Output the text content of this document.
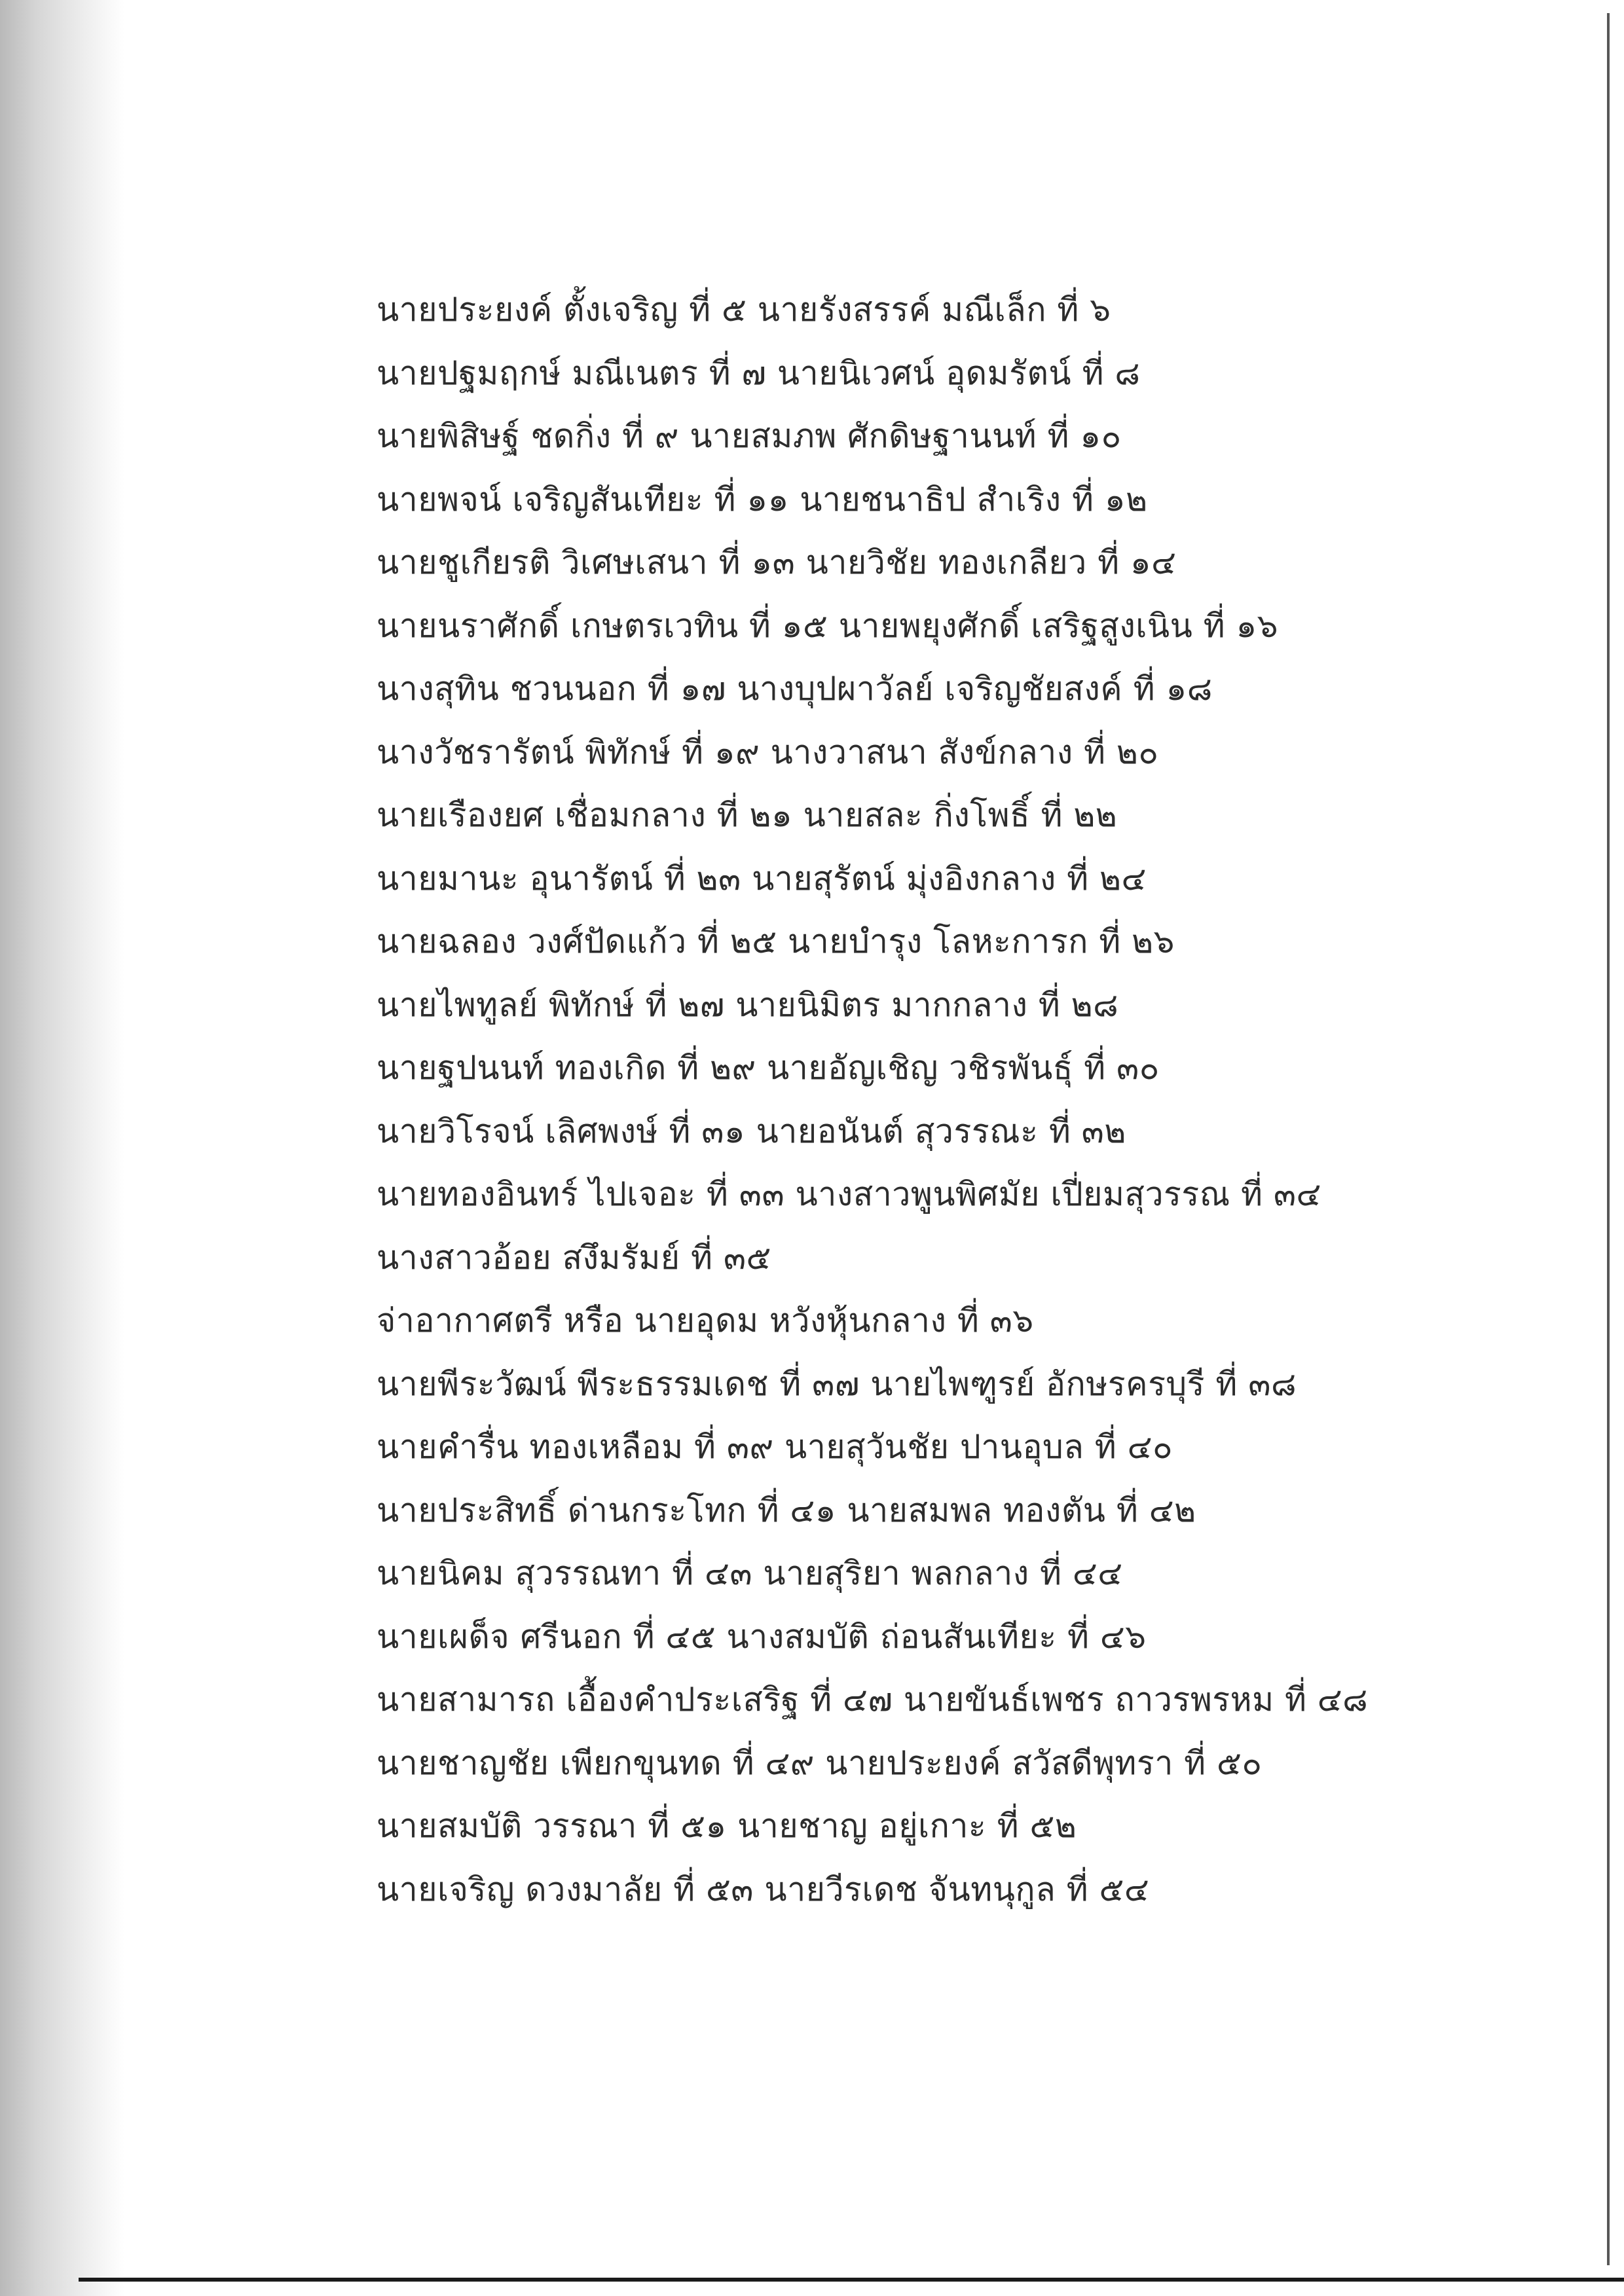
นายประยงค์ ตั้งเจริญ ที่ ๕ นายรังสรรค์ มณีเล็ก ที่ ๖
นายปฐมฤกษ์ มณีเนตร ที่ ๗ นายนิเวศน์ อุดมรัตน์ ที่ ๘
นายพิสิษฐ์ ชดกิ่ง ที่ ๙ นายสมภพ ศักดิษฐานนท์ ที่ ๑๐
นายพจน์ เจริญสันเทียะ ที่ ๑๑ นายชนาธิป สำเริง ที่ ๑๒
นายชูเกียรติ วิเศษเสนา ที่ ๑๓ นายวิชัย ทองเกลียว ที่ ๑๔
นายนราศักดิ์ เกษตรเวทิน ที่ ๑๕ นายพยุงศักดิ์ เสริฐสูงเนิน ที่ ๑๖
นางสุทิน ชวนนอก ที่ ๑๗ นางบุปผาวัลย์ เจริญชัยสงค์ ที่ ๑๘
นางวัชรารัตน์ พิทักษ์ ที่ ๑๙ นางวาสนา สังข์กลาง ที่ ๒๐
นายเรืองยศ เชื่อมกลาง ที่ ๒๑ นายสละ กิ่งโพธิ์ ที่ ๒๒
นายมานะ อุนารัตน์ ที่ ๒๓ นายสุรัตน์ มุ่งอิงกลาง ที่ ๒๔
นายฉลอง วงศ์ปัดแก้ว ที่ ๒๕ นายบำรุง โลหะการก ที่ ๒๖
นายไพทูลย์ พิทักษ์ ที่ ๒๗ นายนิมิตร มากกลาง ที่ ๒๘
นายฐปนนท์ ทองเกิด ที่ ๒๙ นายอัญเชิญ วชิรพันธุ์ ที่ ๓๐
นายวิโรจน์ เลิศพงษ์ ที่ ๓๑ นายอนันต์ สุวรรณะ ที่ ๓๒
นายทองอินทร์ ไปเจอะ ที่ ๓๓ นางสาวพูนพิศมัย เปี่ยมสุวรรณ ที่ ๓๔
นางสาวอ้อย สงึมรัมย์ ที่ ๓๕
จ่าอากาศตรี หรือ นายอุดม หวังหุ้นกลาง ที่ ๓๖
นายพีระวัฒน์ พีระธรรมเดช ที่ ๓๗ นายไพฑูรย์ อักษรครบุรี ที่ ๓๘
นายคำรื่น ทองเหลือม ที่ ๓๙ นายสุวันชัย ปานอุบล ที่ ๔๐
นายประสิทธิ์ ด่านกระโทก ที่ ๔๑ นายสมพล ทองตัน ที่ ๔๒
นายนิคม สุวรรณทา ที่ ๔๓ นายสุริยา พลกลาง ที่ ๔๔
นายเผด็จ ศรีนอก ที่ ๔๕ นางสมบัติ ถ่อนสันเทียะ ที่ ๔๖
นายสามารถ เอื้องคำประเสริฐ ที่ ๔๗ นายขันธ์เพชร ถาวรพรหม ที่ ๔๘
นายชาญชัย เพียกขุนทด ที่ ๔๙ นายประยงค์ สวัสดีพุทรา ที่ ๕๐
นายสมบัติ วรรณา ที่ ๕๑ นายชาญ อยู่เกาะ ที่ ๕๒
นายเจริญ ดวงมาลัย ที่ ๕๓ นายวีรเดช จันทนุกูล ที่ ๕๔
